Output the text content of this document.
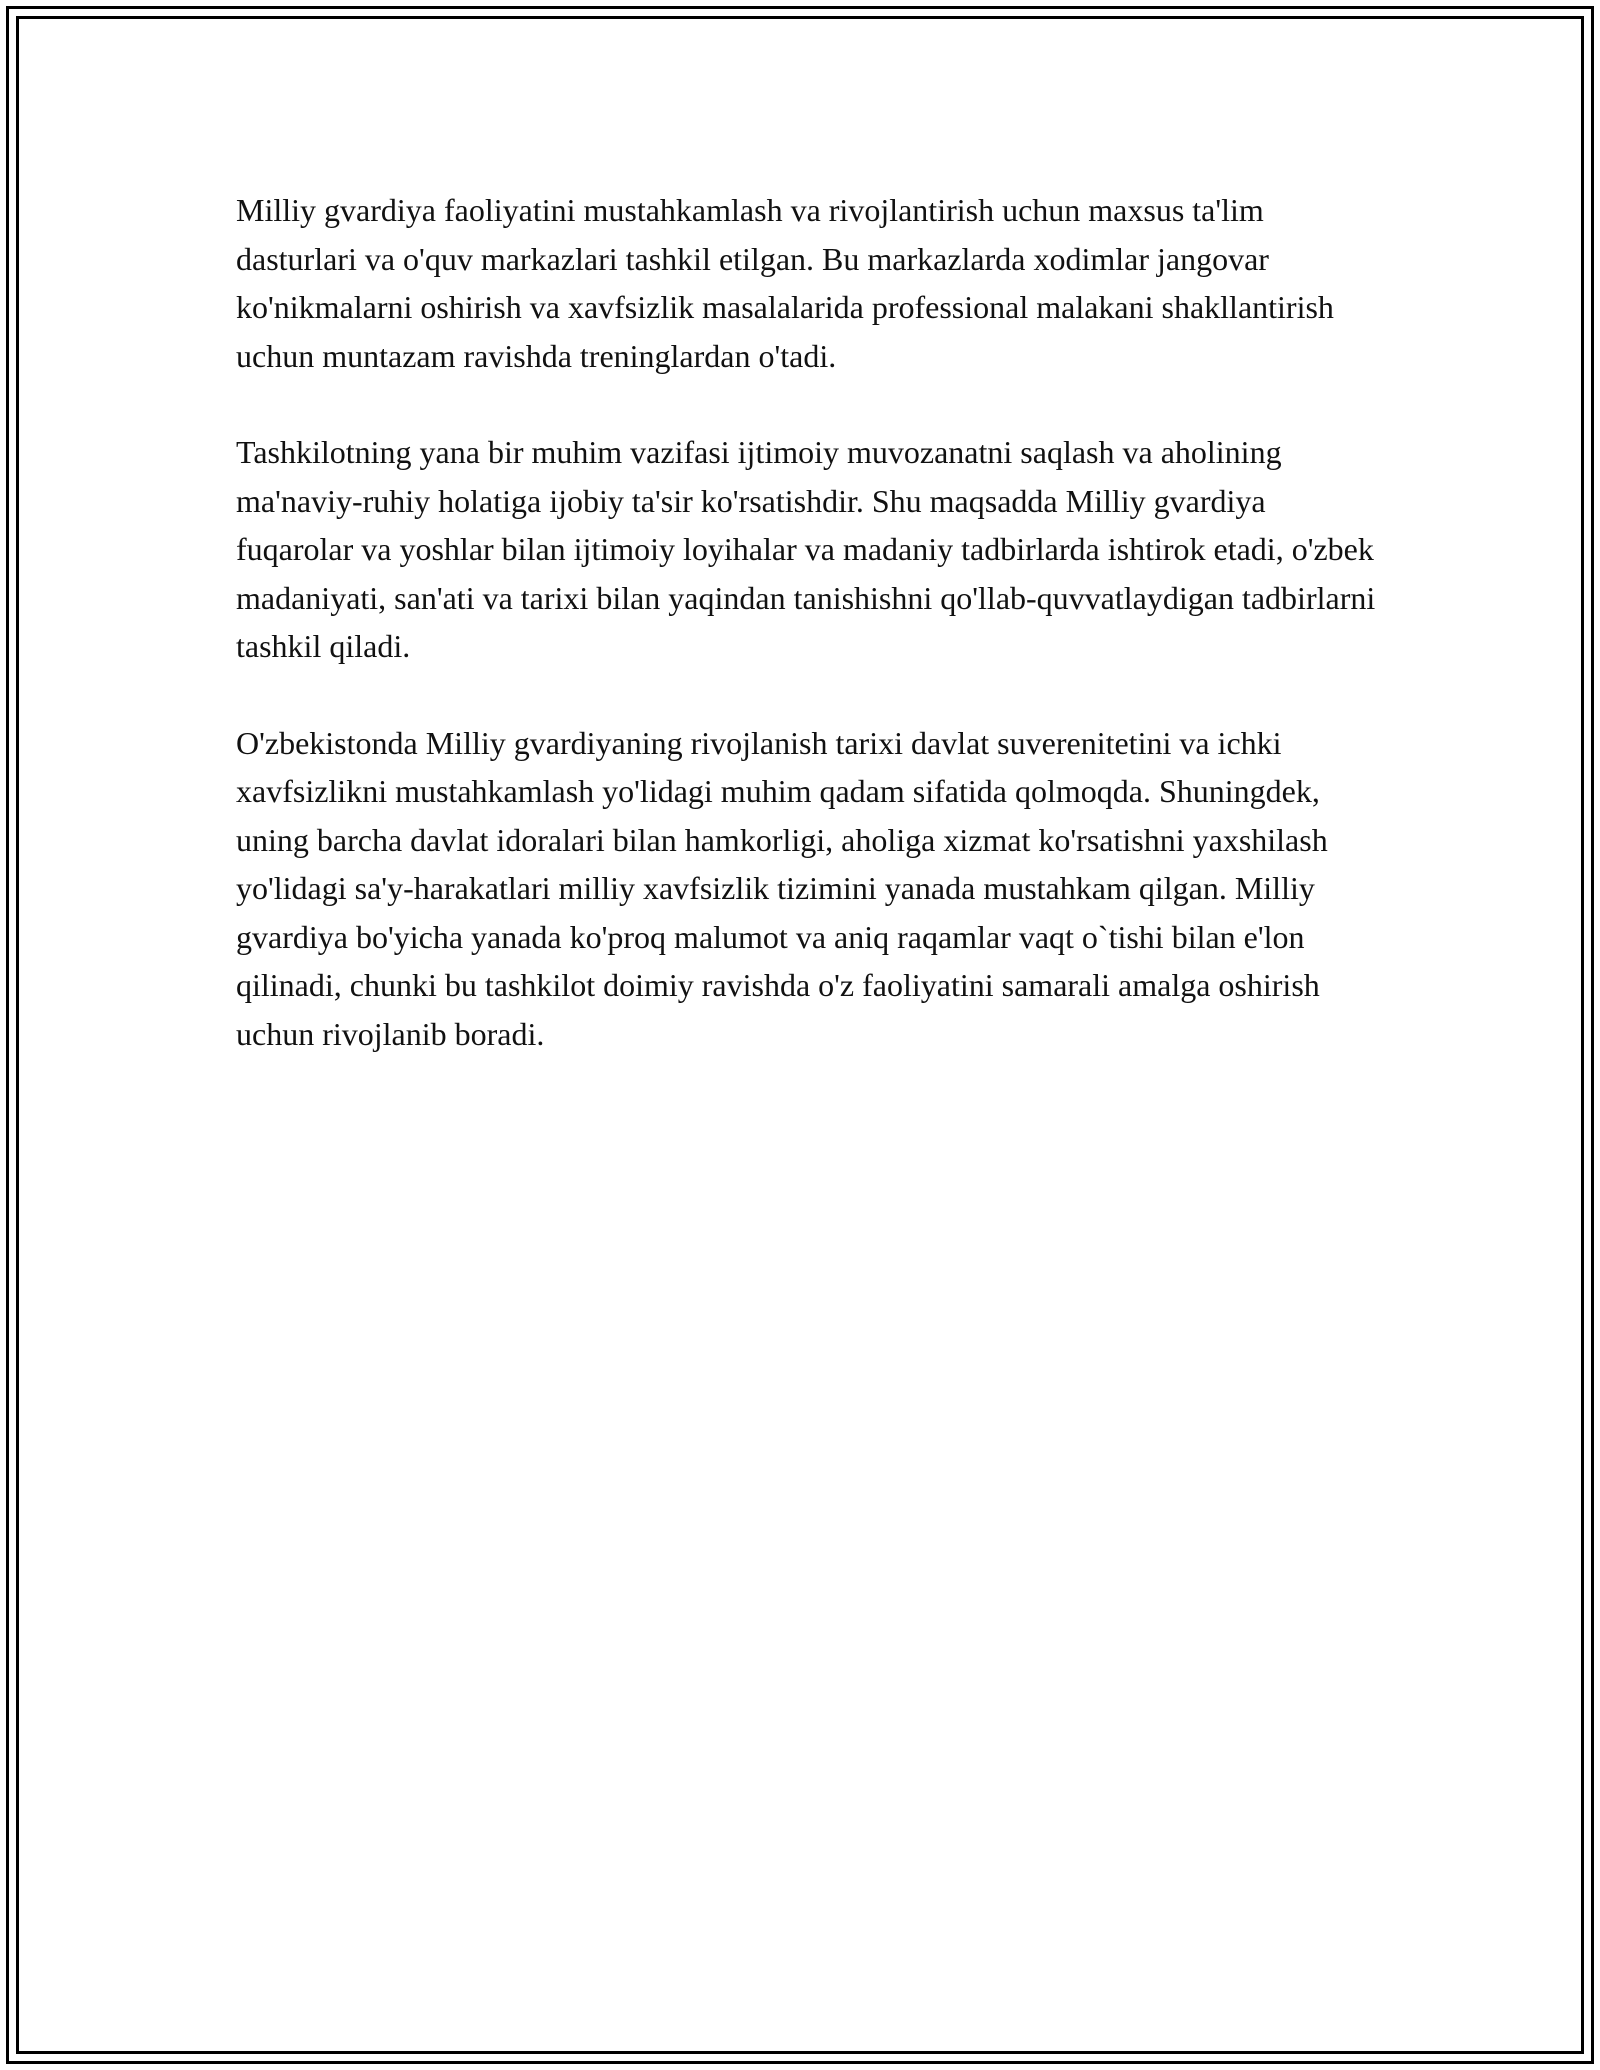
Milliy gvardiya faoliyatini mustahkamlash va rivojlantirish uchun maxsus ta'lim dasturlari va o'quv markazlari tashkil etilgan. Bu markazlarda xodimlar jangovar ko'nikmalarni oshirish va xavfsizlik masalalarida professional malakani shakllantirish uchun muntazam ravishda treninglardan o'tadi.

Tashkilotning yana bir muhim vazifasi ijtimoiy muvozanatni saqlash va aholining ma'naviy-ruhiy holatiga ijobiy ta'sir ko'rsatishdir. Shu maqsadda Milliy gvardiya fuqarolar va yoshlar bilan ijtimoiy loyihalar va madaniy tadbirlarda ishtirok etadi, o'zbek madaniyati, san'ati va tarixi bilan yaqindan tanishishni qo'llab-quvvatlaydigan tadbirlarni tashkil qiladi.

O'zbekistonda Milliy gvardiyaning rivojlanish tarixi davlat suverenitetini va ichki xavfsizlikni mustahkamlash yo'lidagi muhim qadam sifatida qolmoqda. Shuningdek, uning barcha davlat idoralari bilan hamkorligi, aholiga xizmat ko'rsatishni yaxshilash yo'lidagi sa'y-harakatlari milliy xavfsizlik tizimini yanada mustahkam qilgan. Milliy gvardiya bo'yicha yanada ko'proq malumot va aniq raqamlar vaqt o`tishi bilan e'lon qilinadi, chunki bu tashkilot doimiy ravishda o'z faoliyatini samarali amalga oshirish uchun rivojlanib boradi.
